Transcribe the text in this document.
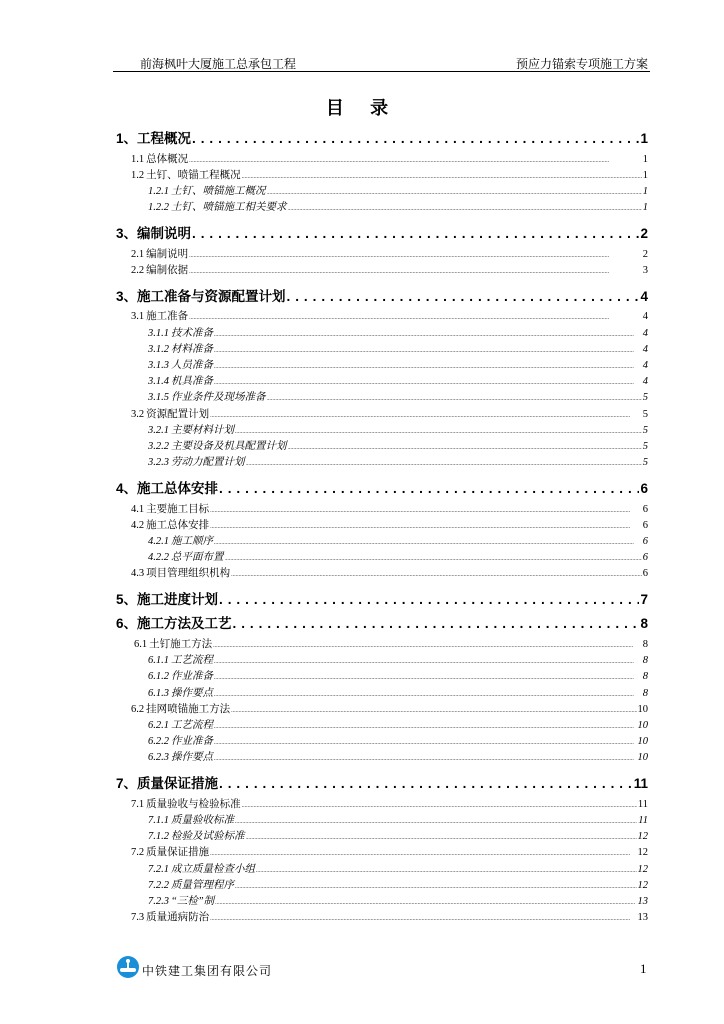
前海枫叶大厦施工总承包工程	预应力锚索专项施工方案
目 录
1、 工程概况 . . .	1
1.1 总体概况 .....	1
1.2 土钉、喷锚工程概况 .....	1
1.2.1 土钉、喷锚施工概况 .....	1
1.2.2 土钉、喷锚施工相关要求 .....	1
3、 编制说明 . . .	2
2.1 编制说明 .....	2
2.2 编制依据 .....	3
3、 施工准备与资源配置计划 . . .	4
3.1 施工准备 .....	4
3.1.1 技术准备 .....	4
3.1.2 材料准备 .....	4
3.1.3 人员准备 .....	4
3.1.4 机具准备 .....	4
3.1.5 作业条件及现场准备 .....	5
3.2 资源配置计划 .....	5
3.2.1 主要材料计划 .....	5
3.2.2 主要设备及机具配置计划 .....	5
3.2.3 劳动力配置计划 .....	5
4、 施工总体安排 . . .	6
4.1 主要施工目标 .....	6
4.2 施工总体安排 .....	6
4.2.1 施工顺序 .....	6
4.2.2 总平面布置 .....	6
4.3 项目管理组织机构 .....	6
5、 施工进度计划 . . .	7
6、 施工方法及工艺 . . .	8
6.1 土钉施工方法 .....	8
6.1.1 工艺流程 .....	8
6.1.2 作业准备 .....	8
6.1.3 操作要点 .....	8
6.2 挂网喷锚施工方法 .....	10
6.2.1 工艺流程 .....	10
6.2.2 作业准备 .....	10
6.2.3 操作要点 .....	10
7、 质量保证措施 . . .	11
7.1 质量验收与检验标准 .....	11
7.1.1 质量验收标准 .....	11
7.1.2 检验及试验标准 .....	12
7.2 质量保证措施 .....	12
7.2.1 成立质量检查小组 .....	12
7.2.2 质量管理程序 .....	12
7.2.3 “三检”制 .....	13
7.3 质量通病防治 .....	13
中铁建工集团有限公司	1
